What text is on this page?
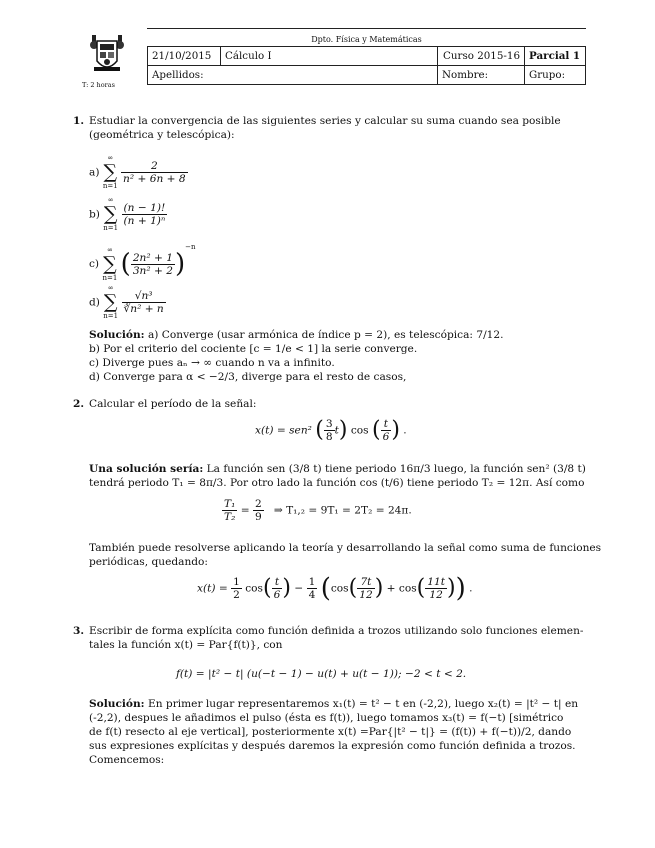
T: 2 horas
Dpto. Física y Matemáticas
21/10/2015	Cálculo I	Curso 2015-16	Parcial 1
Apellidos:		Nombre:	Grupo:
1. Estudiar la convergencia de las siguientes series y calcular su suma cuando sea posible
(geométrica y telescópica):
a)
∞
∑
n=1

$\frac{2}{\text{n² + 6n + 8}}$
b)
∞
∑
n=1

$\frac{(n - 1)!}{\text{(n + 1)ⁿ}}$
c)
∞
∑
n=1 ( $\frac{\text{2n² + 1}}{\text{3n² + 2}} )^{-n}$
d)
∞
∑
n=1

$\frac{\text{√n³}}{\text{∛n² + n}}$
Solución: a) Converge (usar armónica de índice p = 2), es telescópica: 7/12.
b) Por el criterio del cociente [c = 1/e < 1] la serie converge.
c) Diverge pues aₙ → ∞ cuando n va a infinito.
d) Converge para α < −2/3, diverge para el resto de casos,
2. Calcular el período de la señal:
x(t) = sen² ( $\frac{3}{8} t$) cos ( $\frac{t}{6}$ ) .
Una solución sería: La función sen (3/8 t) tiene periodo 16π/3 luego, la función sen² (3/8 t)
tendrá periodo T₁ = 8π/3. Por otro lado la función cos (t/6) tiene periodo T₂ = 12π. Así como
$\frac{\text{T₁}}{\text{T₂}} = \frac{2}{9}$ ⇒ T₁,₂ = 9T₁ = 2T₂ = 24π.
También puede resolverse aplicando la teoría y desarrollando la señal como suma de funciones
periódicas, quedando:
$x(t) = \frac{1}{2} \cos( \frac{t}{6}$ ) − $\frac{1}{4} (\cos( \frac{7t}{12}$ ) + $\cos( \frac{11t}{12}$ )) .
3. Escribir de forma explícita como función definida a trozos utilizando solo funciones elemen-
tales la función x(t) = Par{f(t)}, con
f(t) = |t² − t| (u(−t − 1) − u(t) + u(t − 1)); −2 < t < 2.
Solución: En primer lugar representaremos x₁(t) = t² − t en (-2,2), luego x₂(t) = |t² − t| en
(-2,2), despues le añadimos el pulso (ésta es f(t)), luego tomamos x₃(t) = f(−t) [simétrico
de f(t) resecto al eje vertical], posteriormente x(t) =Par{|t² − t|} = (f(t)) + f(−t))/2, dando
sus expresiones explícitas y después daremos la expresión como función definida a trozos.
Comencemos:
